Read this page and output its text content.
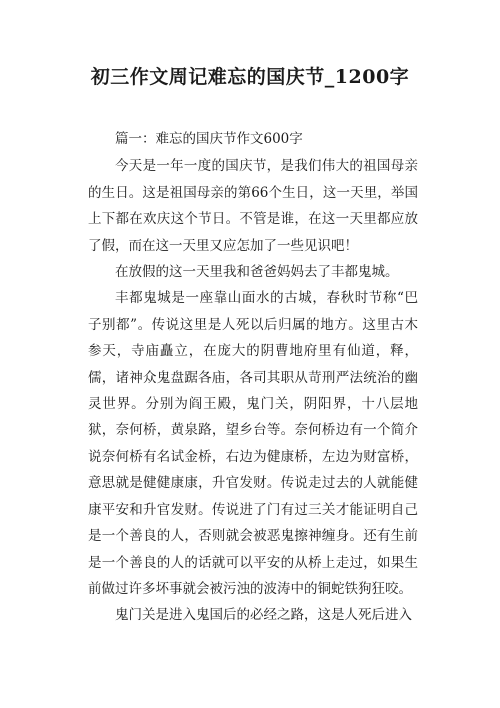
初三作文周记难忘的国庆节_1200字

篇一：难忘的国庆节作文600字

今天是一年一度的国庆节，是我们伟大的祖国母亲的生日。这是祖国母亲的第66个生日，这一天里，举国上下都在欢庆这个节日。不管是谁，在这一天里都应放了假，而在这一天里又应怎加了一些见识吧！

在放假的这一天里我和爸爸妈妈去了丰都鬼城。

丰都鬼城是一座靠山面水的古城，春秋时节称“巴子别都”。传说这里是人死以后归属的地方。这里古木参天，寺庙矗立，在庞大的阴曹地府里有仙道，释，儒，诸神众鬼盘踞各庙，各司其职从苛刑严法统治的幽灵世界。分别为阎王殿，鬼门关，阴阳界，十八层地狱，奈何桥，黄泉路，望乡台等。奈何桥边有一个简介说奈何桥有名试金桥，右边为健康桥，左边为财富桥，意思就是健健康康，升官发财。传说走过去的人就能健康平安和升官发财。传说进了门有过三关才能证明自己是一个善良的人，否则就会被恶鬼擦神缠身。还有生前是一个善良的人的话就可以平安的从桥上走过，如果生前做过许多坏事就会被污浊的波涛中的铜蛇铁狗狂咬。

鬼门关是进入鬼国后的必经之路，这是人死后进入
